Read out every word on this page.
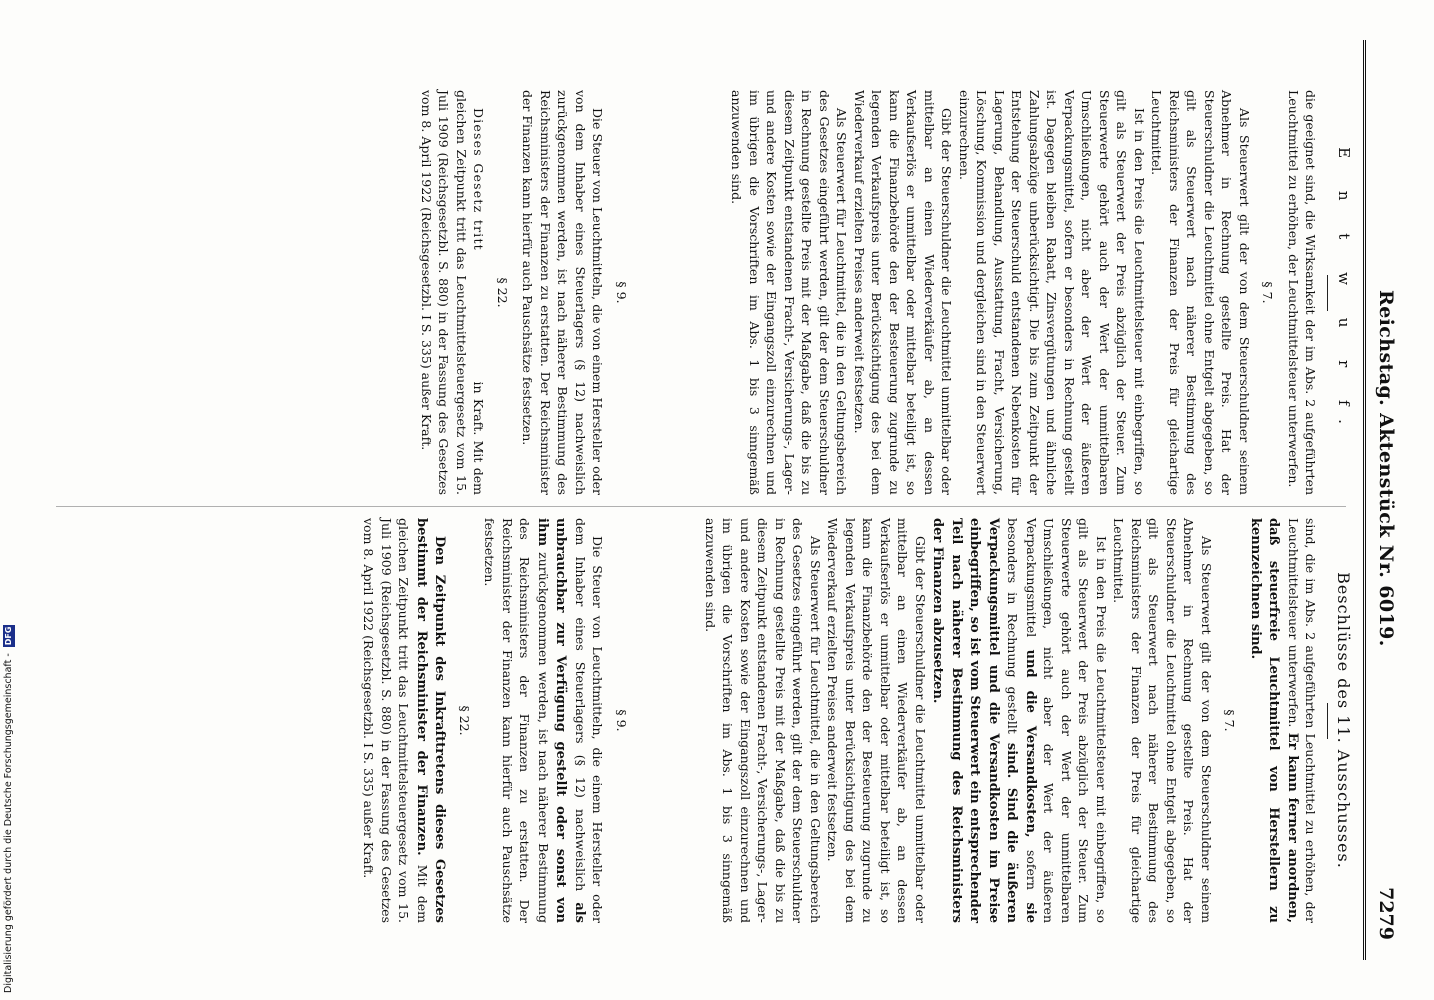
Reichstag. Aktenstück Nr. 6019.
7279
E n t w u r f.

die geeignet sind, die Wirksamkeit der im Abs. 2 aufgeführten Leuchtmittel zu erhöhen, der Leuchtmittelsteuer unterwerfen.

§ 7.

Als Steuerwert gilt der von dem Steuerschuldner seinem Abnehmer in Rechnung gestellte Preis. Hat der Steuerschuldner die Leuchtmittel ohne Entgelt abgegeben, so gilt als Steuerwert nach näherer Bestimmung des Reichsministers der Finanzen der Preis für gleichartige Leuchtmittel.

Ist in den Preis die Leuchtmittelsteuer mit einbegriffen, so gilt als Steuerwert der Preis abzüglich der Steuer. Zum Steuerwerte gehört auch der Wert der unmittelbaren Umschließungen, nicht aber der Wert der äußeren Verpackungsmittel, sofern er besonders in Rechnung gestellt ist. Dagegen bleiben Rabatt, Zinsvergütungen und ähnliche Zahlungsabzüge unberücksichtigt. Die bis zum Zeitpunkt der Entstehung der Steuerschuld entstandenen Nebenkosten für Lagerung, Behandlung, Ausstattung, Fracht, Versicherung, Löschung, Kommission und dergleichen sind in den Steuerwert einzurechnen.

Gibt der Steuerschuldner die Leuchtmittel unmittelbar oder mittelbar an einen Wiederverkäufer ab, an dessen Verkaufserlös er unmittelbar oder mittelbar beteiligt ist, so kann die Finanzbehörde den der Besteuerung zugrunde zu legenden Verkaufspreis unter Berücksichtigung des bei dem Wiederverkauf erzielten Preises anderweit festsetzen.

Als Steuerwert für Leuchtmittel, die in den Geltungsbereich des Gesetzes eingeführt werden, gilt der dem Steuerschuldner in Rechnung gestellte Preis mit der Maßgabe, daß die bis zu diesem Zeitpunkt entstandenen Fracht-, Versicherungs-, Lager- und andere Kosten sowie der Eingangszoll einzurechnen und im übrigen die Vorschriften im Abs. 1 bis 3 sinngemäß anzuwenden sind.

§ 9.

Die Steuer von Leuchtmitteln, die von einem Hersteller oder von dem Inhaber eines Steuerlagers (§ 12) nachweislich zurückgenommen werden, ist nach näherer Bestimmung des Reichsministers der Finanzen zu erstatten. Der Reichsminister der Finanzen kann hierfür auch Pauschsätze festsetzen.

§ 22.

Dieses Gesetz tritt  in Kraft. Mit dem gleichen Zeitpunkt tritt das Leuchtmittelsteuergesetz vom 15. Juli 1909 (Reichsgesetzbl. S. 880) in der Fassung des Gesetzes vom 8. April 1922 (Reichsgesetzbl. I S. 335) außer Kraft.

Beschlüsse des 11. Ausschusses.

sind, die im Abs. 2 aufgeführten Leuchtmittel zu erhöhen, der Leuchtmittelsteuer unterwerfen. Er kann ferner anordnen, daß steuerfreie Leuchtmittel von Herstellern zu kennzeichnen sind.

§ 7.

Als Steuerwert gilt der von dem Steuerschuldner seinem Abnehmer in Rechnung gestellte Preis. Hat der Steuerschuldner die Leuchtmittel ohne Entgelt abgegeben, so gilt als Steuerwert nach näherer Bestimmung des Reichsministers der Finanzen der Preis für gleichartige Leuchtmittel.

Ist in den Preis die Leuchtmittelsteuer mit einbegriffen, so gilt als Steuerwert der Preis abzüglich der Steuer. Zum Steuerwerte gehört auch der Wert der unmittelbaren Umschließungen, nicht aber der Wert der äußeren Verpackungsmittel und die Versandkosten, sofern sie besonders in Rechnung gestellt sind. Sind die äußeren Verpackungsmittel und die Versandkosten im Preise einbegriffen, so ist vom Steuerwert ein entsprechender Teil nach näherer Bestimmung des Reichsministers der Finanzen abzusetzen.

Gibt der Steuerschuldner die Leuchtmittel unmittelbar oder mittelbar an einen Wiederverkäufer ab, an dessen Verkaufserlös er unmittelbar oder mittelbar beteiligt ist, so kann die Finanzbehörde den der Besteuerung zugrunde zu legenden Verkaufspreis unter Berücksichtigung des bei dem Wiederverkauf erzielten Preises anderweit festsetzen.

Als Steuerwert für Leuchtmittel, die in den Geltungsbereich des Gesetzes eingeführt werden, gilt der dem Steuerschuldner in Rechnung gestellte Preis mit der Maßgabe, daß die bis zu diesem Zeitpunkt entstandenen Fracht-, Versicherungs-, Lager- und andere Kosten sowie der Eingangszoll einzurechnen und im übrigen die Vorschriften im Abs. 1 bis 3 sinngemäß anzuwenden sind.

§ 9.

Die Steuer von Leuchtmitteln, die einem Hersteller oder dem Inhaber eines Steuerlagers (§ 12) nachweislich als unbrauchbar zur Verfügung gestellt oder sonst von ihm zurückgenommen werden, ist nach näherer Bestimmung des Reichsministers der Finanzen zu erstatten. Der Reichsminister der Finanzen kann hierfür auch Pauschsätze festsetzen.

§ 22.

Den Zeitpunkt des Inkrafttretens dieses Gesetzes bestimmt der Reichsminister der Finanzen. Mit dem gleichen Zeitpunkt tritt das Leuchtmittelsteuergesetz vom 15. Juli 1909 (Reichsgesetzbl. S. 880) in der Fassung des Gesetzes vom 8. April 1922 (Reichsgesetzbl. I S. 335) außer Kraft.

Digitalisierung gefördert durch die Deutsche Forschungsgemeinschaft - DFG
